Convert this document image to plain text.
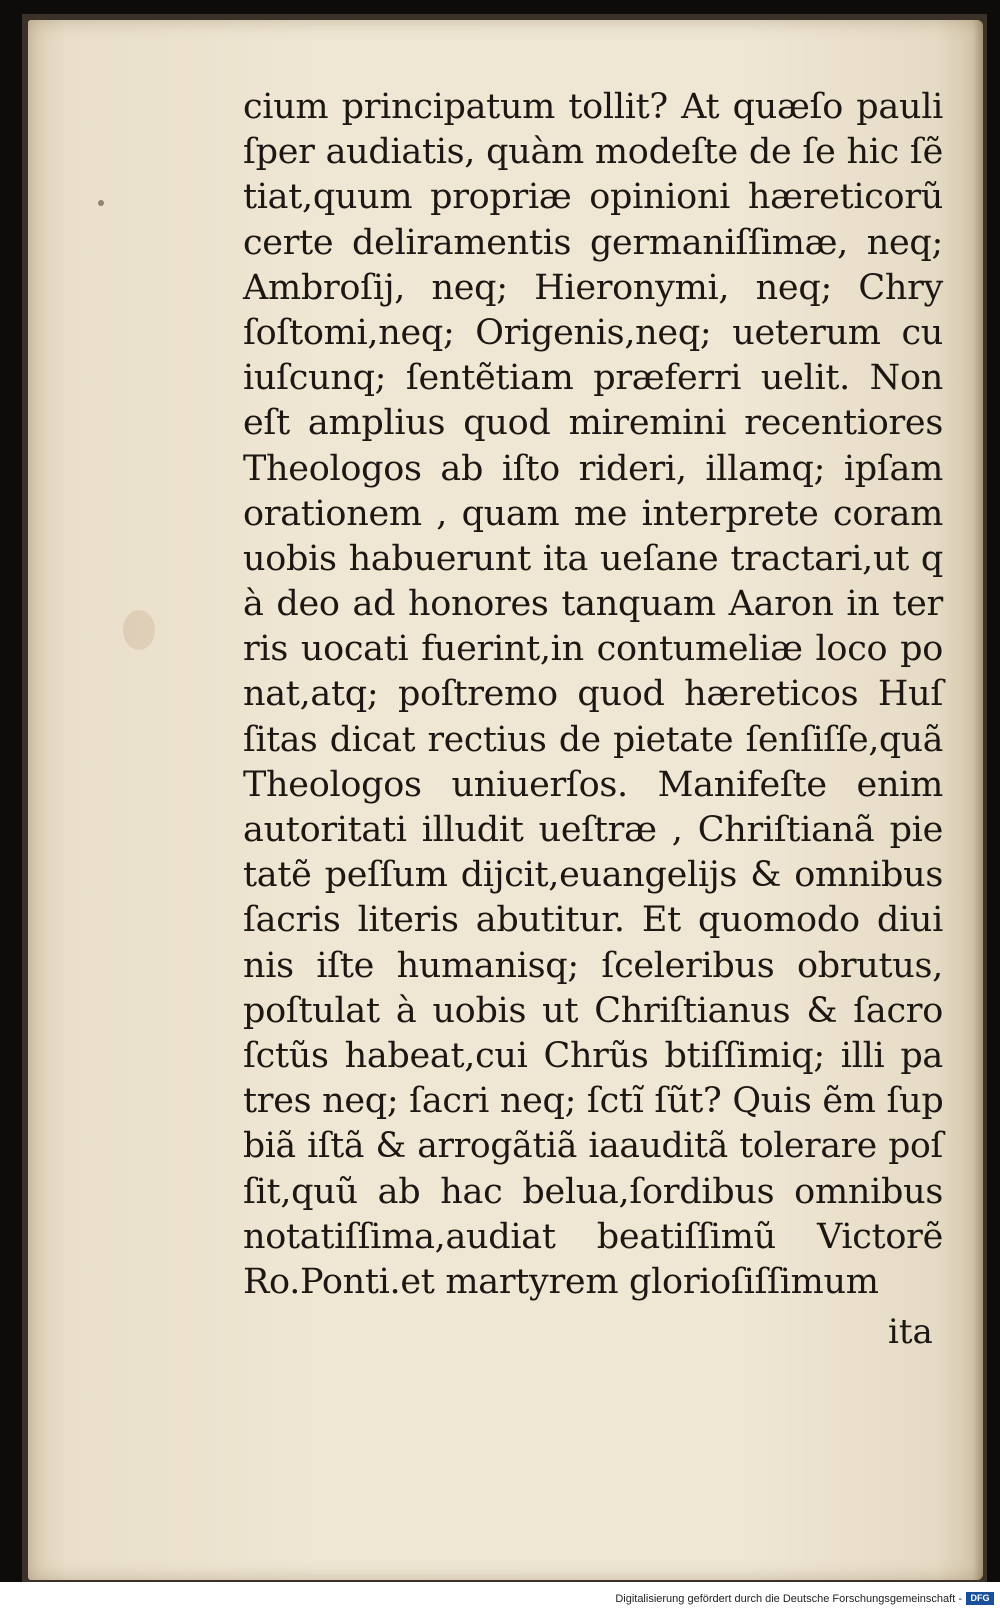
cium principatum tollit? At quæſo pauli
ſper audiatis, quàm modeſte de ſe hic ſẽ
tiat,quum propriæ opinioni hæreticorũ
certe deliramentis germaniſſimæ, neq;
Ambroſij, neq; Hieronymi, neq; Chry
ſoſtomi,neq; Origenis,neq; ueterum cu
iuſcunq; ſentẽtiam præferri uelit. Non
eſt amplius quod miremini recentiores
Theologos ab iſto rideri, illamq; ipſam
orationem , quam me interprete coram
uobis habuerunt ita ueſane tractari,ut q
à deo ad honores tanquam Aaron in ter
ris uocati fuerint,in contumeliæ loco po
nat,atq; poſtremo quod hæreticos Huſ
ſitas dicat rectius de pietate ſenſiſſe,quã
Theologos uniuerſos. Manifeſte enim
autoritati illudit ueſtræ , Chriſtianã pie
tatẽ peſſum dijcit,euangelijs & omnibus
ſacris literis abutitur. Et quomodo diui
nis iſte humanisq; ſceleribus obrutus,
poſtulat à uobis ut Chriſtianus & ſacro
ſctũs habeat,cui Chrũs btiſſimiq; illi pa
tres neq; ſacri neq; ſctĩ ſũt? Quis ẽm ſup
biã iſtã & arrogãtiã iaauditã tolerare poſ
ſit,quũ ab hac belua,ſordibus omnibus
notatiſſima,audiat beatiſſimũ Victorẽ
Ro.Ponti.et martyrem glorioſiſſimum
ita
Digitalisierung gefördert durch die Deutsche Forschungsgemeinschaft - DFG
